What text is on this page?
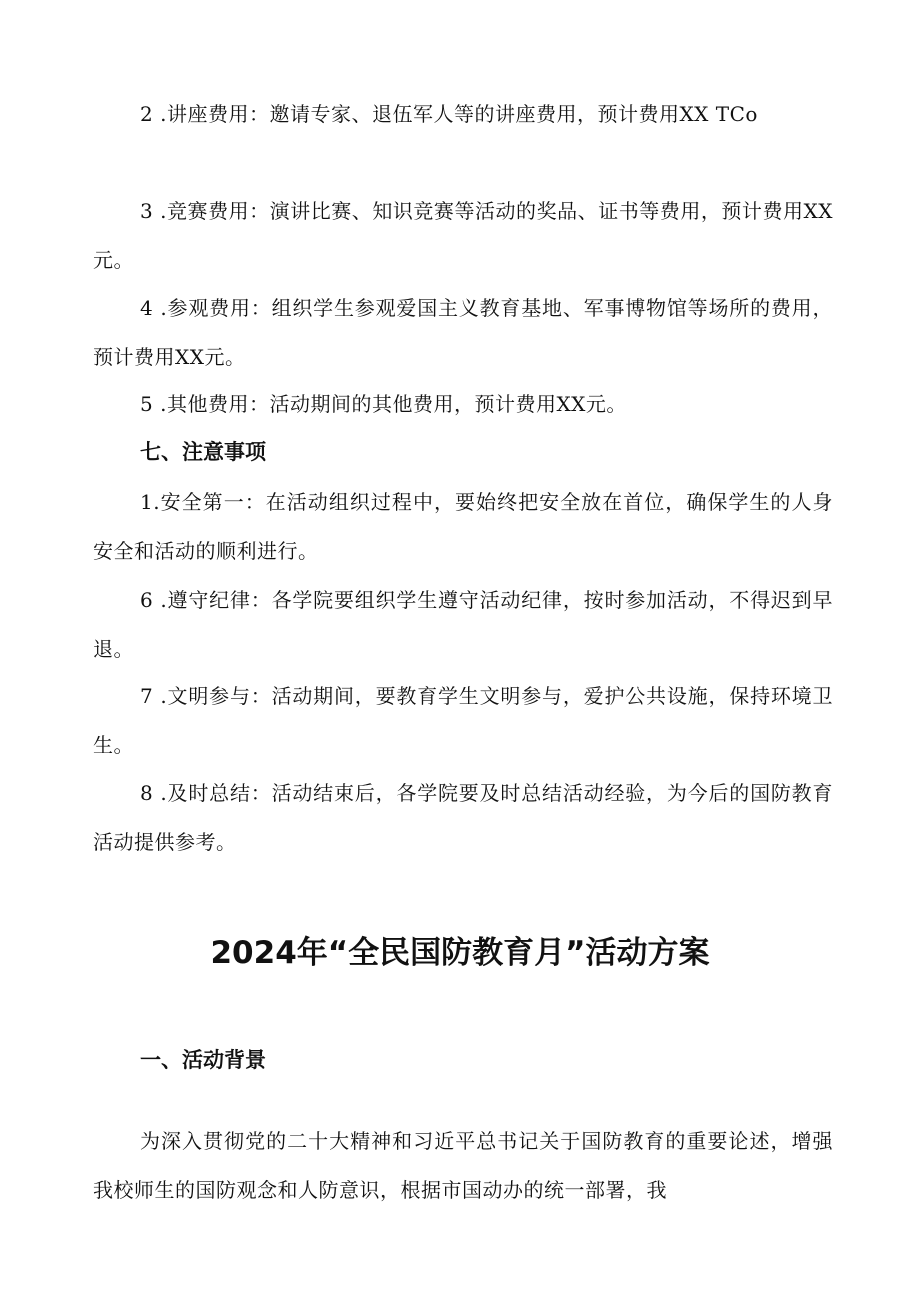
2 .讲座费用：邀请专家、退伍军人等的讲座费用，预计费用XX TCo

3 .竞赛费用：演讲比赛、知识竞赛等活动的奖品、证书等费用，预计费用XX元。

4 .参观费用：组织学生参观爱国主义教育基地、军事博物馆等场所的费用，预计费用XX元。

5 .其他费用：活动期间的其他费用，预计费用XX元。

七、注意事项

1.安全第一：在活动组织过程中，要始终把安全放在首位，确保学生的人身安全和活动的顺利进行。

6 .遵守纪律：各学院要组织学生遵守活动纪律，按时参加活动，不得迟到早退。

7 .文明参与：活动期间，要教育学生文明参与，爱护公共设施，保持环境卫生。

8 .及时总结：活动结束后，各学院要及时总结活动经验，为今后的国防教育活动提供参考。

2024年“全民国防教育月”活动方案
一、活动背景

为深入贯彻党的二十大精神和习近平总书记关于国防教育的重要论述，增强我校师生的国防观念和人防意识，根据市国动办的统一部署，我
